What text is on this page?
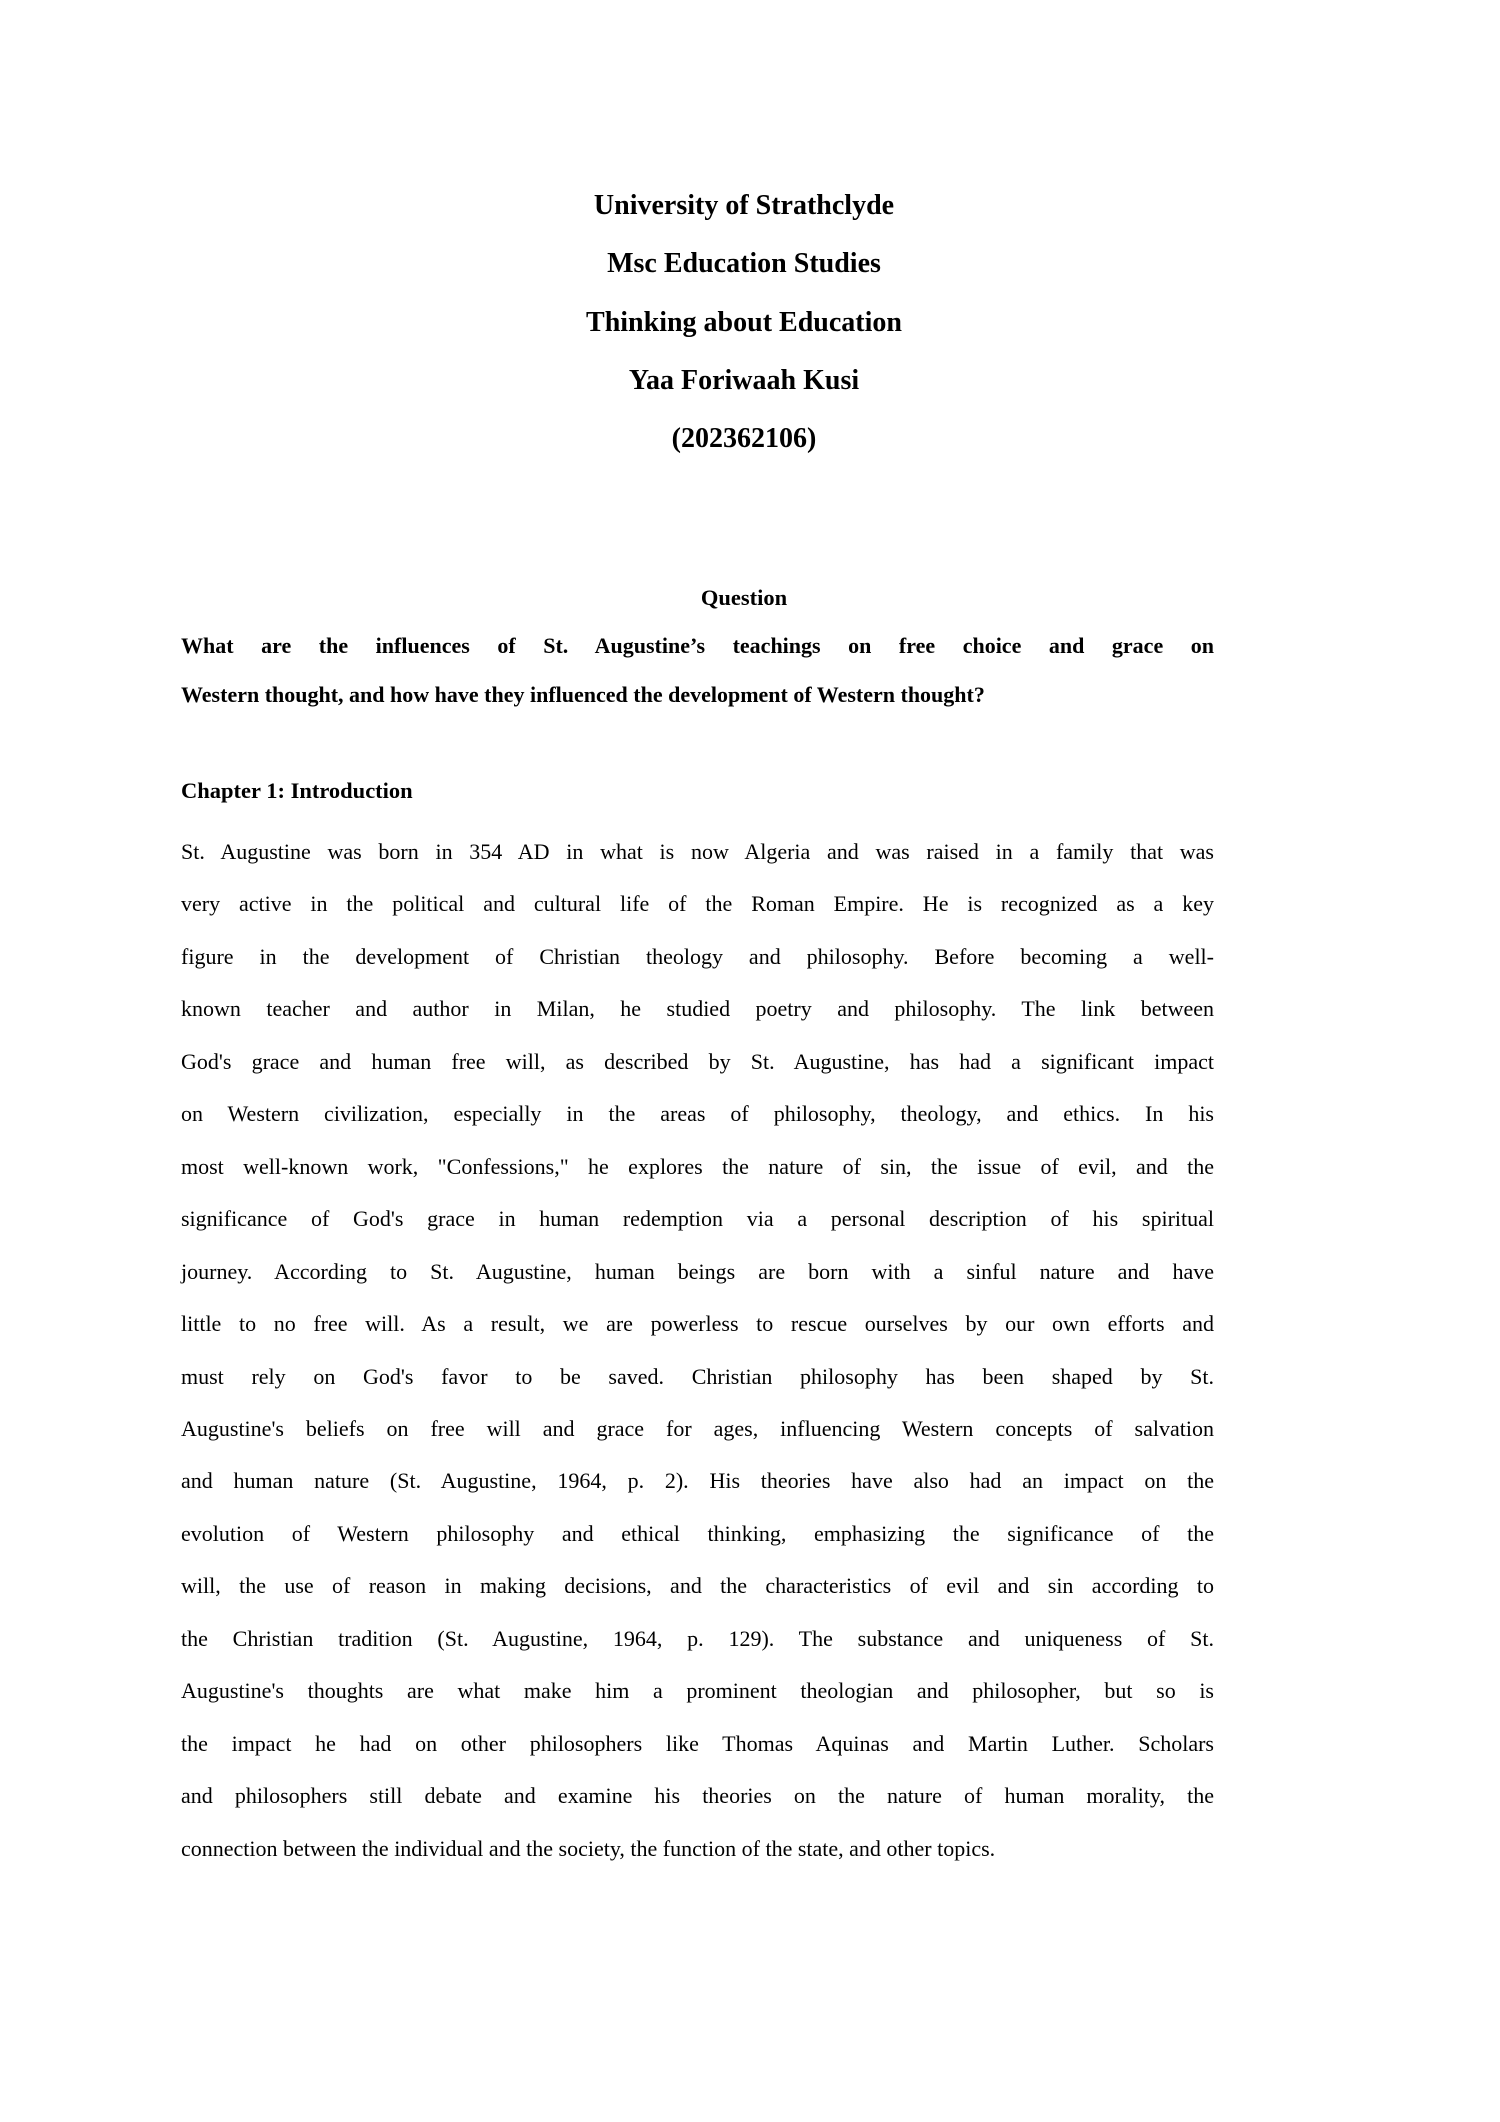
University of Strathclyde
Msc Education Studies
Thinking about Education
Yaa Foriwaah Kusi
(202362106)
Question
What are the influences of St. Augustine’s teachings on free choice and grace on
Western thought, and how have they influenced the development of Western thought?
Chapter 1: Introduction
St. Augustine was born in 354 AD in what is now Algeria and was raised in a family that was
very active in the political and cultural life of the Roman Empire. He is recognized as a key
figure in the development of Christian theology and philosophy. Before becoming a well-
known teacher and author in Milan, he studied poetry and philosophy. The link between
God's grace and human free will, as described by St. Augustine, has had a significant impact
on Western civilization, especially in the areas of philosophy, theology, and ethics. In his
most well-known work, "Confessions," he explores the nature of sin, the issue of evil, and the
significance of God's grace in human redemption via a personal description of his spiritual
journey. According to St. Augustine, human beings are born with a sinful nature and have
little to no free will. As a result, we are powerless to rescue ourselves by our own efforts and
must rely on God's favor to be saved. Christian philosophy has been shaped by St.
Augustine's beliefs on free will and grace for ages, influencing Western concepts of salvation
and human nature (St. Augustine, 1964, p. 2). His theories have also had an impact on the
evolution of Western philosophy and ethical thinking, emphasizing the significance of the
will, the use of reason in making decisions, and the characteristics of evil and sin according to
the Christian tradition (St. Augustine, 1964, p. 129). The substance and uniqueness of St.
Augustine's thoughts are what make him a prominent theologian and philosopher, but so is
the impact he had on other philosophers like Thomas Aquinas and Martin Luther. Scholars
and philosophers still debate and examine his theories on the nature of human morality, the
connection between the individual and the society, the function of the state, and other topics.
